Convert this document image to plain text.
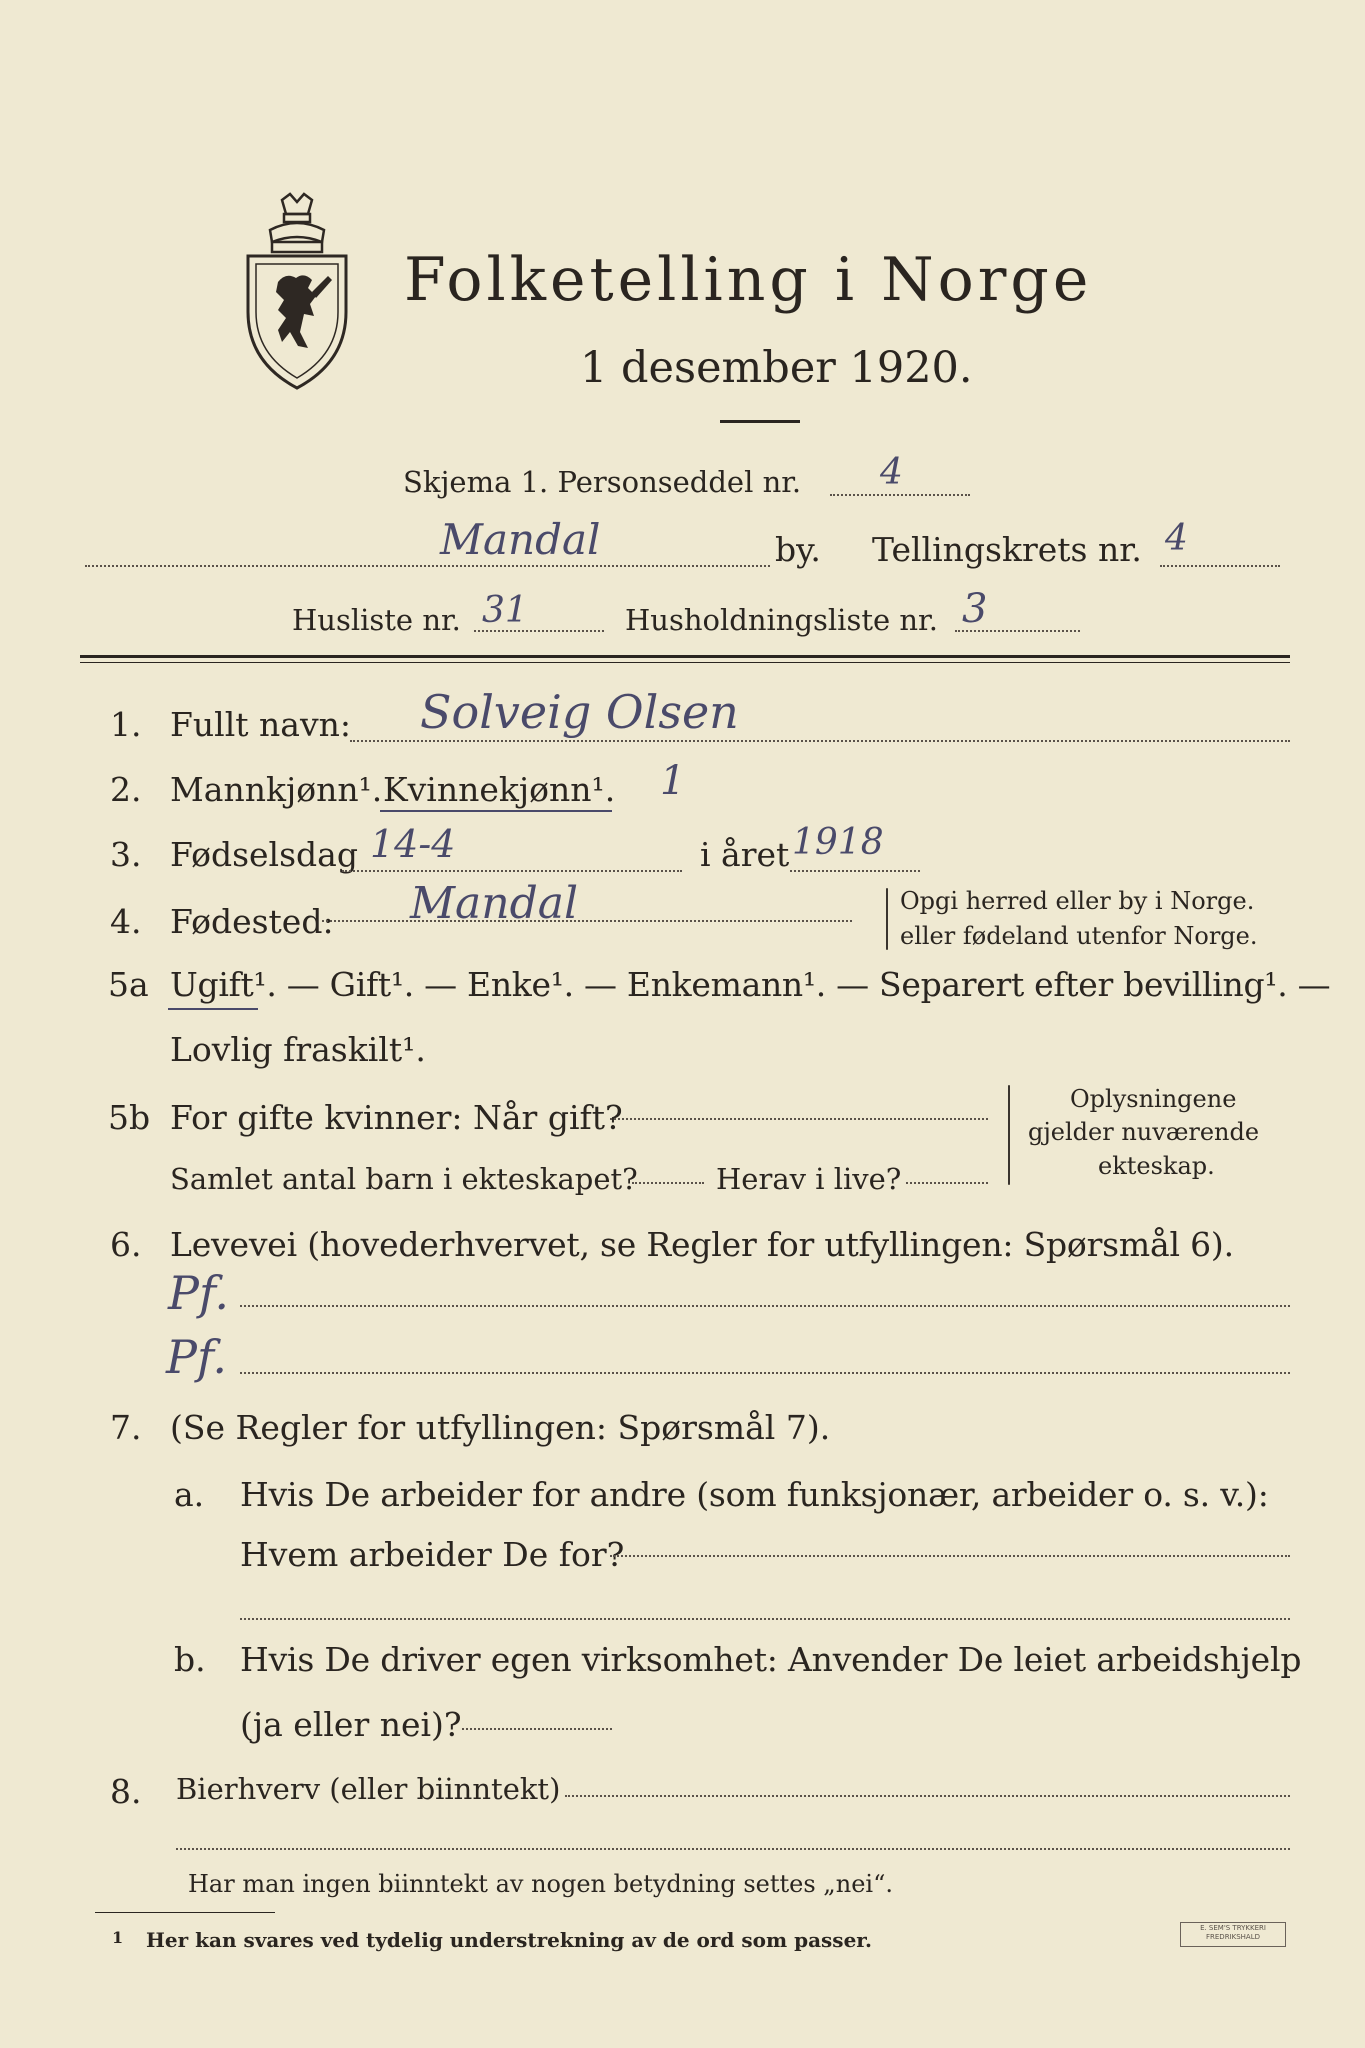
Folketelling i Norge
1 desember 1920.
Skjema 1. Personseddel nr. 4
Mandal	by. Tellingskrets nr. 4
Husliste nr. 31	Husholdningsliste nr. 3
1. Fullt navn: Solveig Olsen
2. Mannkjønn¹. Kvinnekjønn¹. 1
3. Fødselsdag 14-4	i året 1918
4. Fødested: Mandal	Opgi herred eller by i Norge.
eller fødeland utenfor Norge.
5a Ugift¹. — Gift¹. — Enke¹. — Enkemann¹. — Separert efter bevilling¹. —
Lovlig fraskilt¹.
5b For gifte kvinner: Når gift?
Samlet antal barn i ekteskapet?	Herav i live?
Oplysningene
gjelder nuværende
ekteskap.
6. Levevei (hovederhvervet, se Regler for utfyllingen: Spørsmål 6).
Pf.
Pf.
7. (Se Regler for utfyllingen: Spørsmål 7).
a. Hvis De arbeider for andre (som funksjonær, arbeider o. s. v.):
Hvem arbeider De for?
b. Hvis De driver egen virksomhet: Anvender De leiet arbeidshjelp
(ja eller nei)?
8. Bierhverv (eller biinntekt)
Har man ingen biinntekt av nogen betydning settes „nei“.
1 Her kan svares ved tydelig understrekning av de ord som passer.	E. SEM'S TRYKKERI
FREDRIKSHALD
